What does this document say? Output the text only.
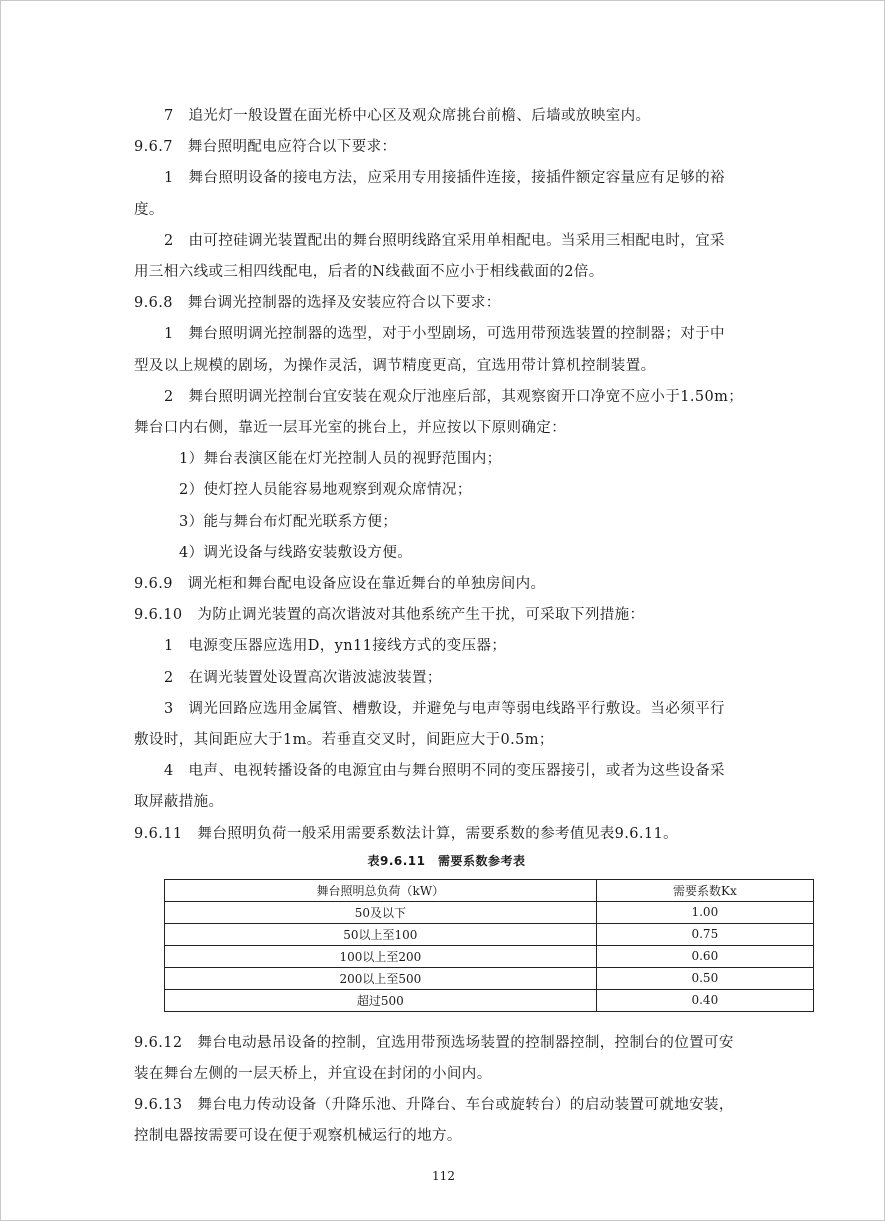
7　追光灯一般设置在面光桥中心区及观众席挑台前檐、后墙或放映室内。

9.6.7　舞台照明配电应符合以下要求：

1　舞台照明设备的接电方法，应采用专用接插件连接，接插件额定容量应有足够的裕

度。

2　由可控硅调光装置配出的舞台照明线路宜采用单相配电。当采用三相配电时，宜采

用三相六线或三相四线配电，后者的N线截面不应小于相线截面的2倍。

9.6.8　舞台调光控制器的选择及安装应符合以下要求：

1　舞台照明调光控制器的选型，对于小型剧场，可选用带预选装置的控制器；对于中

型及以上规模的剧场，为操作灵活，调节精度更高，宜选用带计算机控制装置。

2　舞台照明调光控制台宜安装在观众厅池座后部，其观察窗开口净宽不应小于1.50m；

舞台口内右侧，靠近一层耳光室的挑台上，并应按以下原则确定：

1）舞台表演区能在灯光控制人员的视野范围内；

2）使灯控人员能容易地观察到观众席情况；

3）能与舞台布灯配光联系方便；

4）调光设备与线路安装敷设方便。

9.6.9　调光柜和舞台配电设备应设在靠近舞台的单独房间内。

9.6.10　为防止调光装置的高次谐波对其他系统产生干扰，可采取下列措施：

1　电源变压器应选用D，yn11接线方式的变压器；

2　在调光装置处设置高次谐波滤波装置；

3　调光回路应选用金属管、槽敷设，并避免与电声等弱电线路平行敷设。当必须平行

敷设时，其间距应大于1m。若垂直交叉时，间距应大于0.5m；

4　电声、电视转播设备的电源宜由与舞台照明不同的变压器接引，或者为这些设备采

取屏蔽措施。

9.6.11　舞台照明负荷一般采用需要系数法计算，需要系数的参考值见表9.6.11。

表9.6.11　需要系数参考表
舞台照明总负荷（kW）	需要系数Kx
50及以下	1.00
50以上至100	0.75
100以上至200	0.60
200以上至500	0.50
超过500	0.40

9.6.12　舞台电动悬吊设备的控制，宜选用带预选场装置的控制器控制，控制台的位置可安

装在舞台左侧的一层天桥上，并宜设在封闭的小间内。

9.6.13　舞台电力传动设备（升降乐池、升降台、车台或旋转台）的启动装置可就地安装，

控制电器按需要可设在便于观察机械运行的地方。

112
